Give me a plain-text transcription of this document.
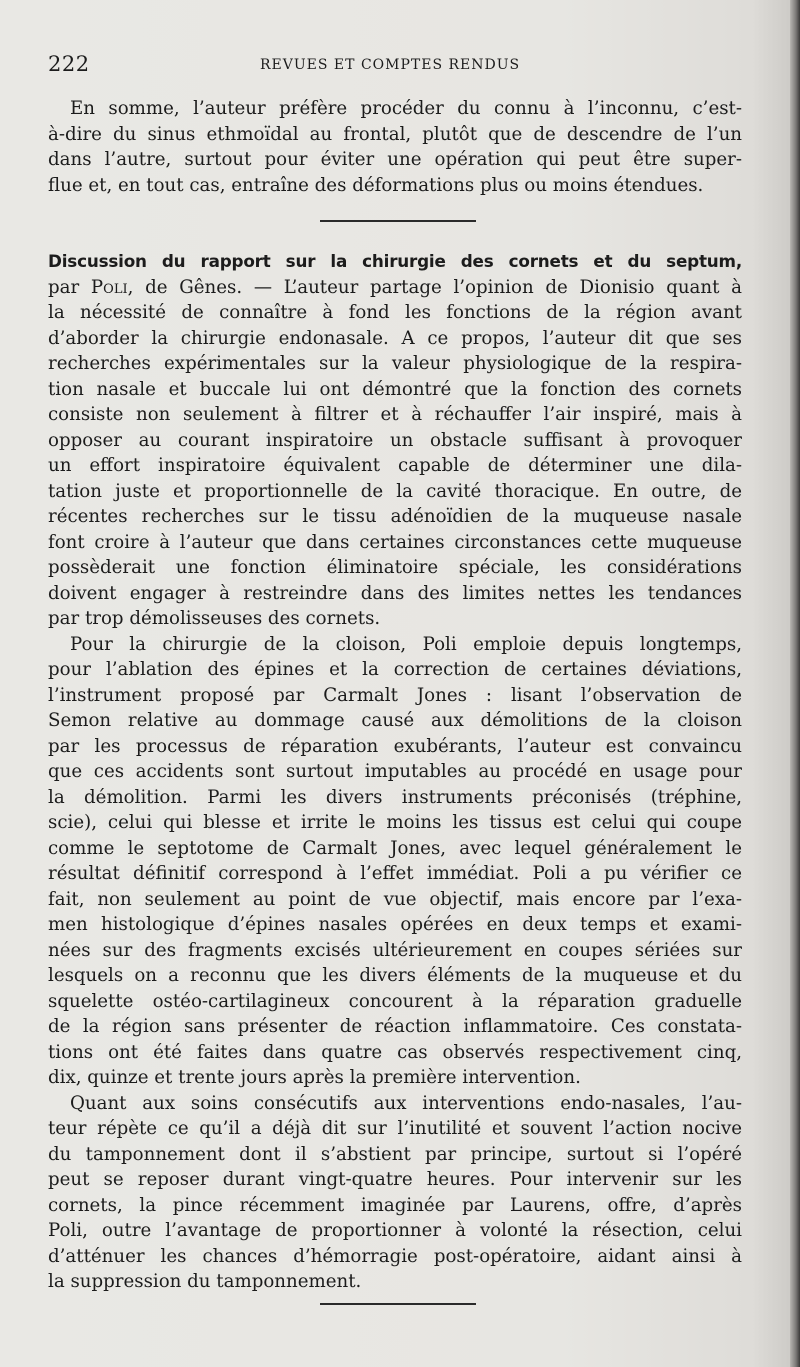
222	REVUES ET COMPTES RENDUS

En somme, l’auteur préfère procéder du connu à l’inconnu, c’est-
à-dire du sinus ethmoïdal au frontal, plutôt que de descendre de l’un
dans l’autre, surtout pour éviter une opération qui peut être super-
flue et, en tout cas, entraîne des déformations plus ou moins étendues.

Discussion du rapport sur la chirurgie des cornets et du septum,
par Poli, de Gênes. — L’auteur partage l’opinion de Dionisio quant à
la nécessité de connaître à fond les fonctions de la région avant
d’aborder la chirurgie endonasale. A ce propos, l’auteur dit que ses
recherches expérimentales sur la valeur physiologique de la respira-
tion nasale et buccale lui ont démontré que la fonction des cornets
consiste non seulement à filtrer et à réchauffer l’air inspiré, mais à
opposer au courant inspiratoire un obstacle suffisant à provoquer
un effort inspiratoire équivalent capable de déterminer une dila-
tation juste et proportionnelle de la cavité thoracique. En outre, de
récentes recherches sur le tissu adénoïdien de la muqueuse nasale
font croire à l’auteur que dans certaines circonstances cette muqueuse
possèderait une fonction éliminatoire spéciale, les considérations
doivent engager à restreindre dans des limites nettes les tendances
par trop démolisseuses des cornets.
Pour la chirurgie de la cloison, Poli emploie depuis longtemps,
pour l’ablation des épines et la correction de certaines déviations,
l’instrument proposé par Carmalt Jones : lisant l’observation de
Semon relative au dommage causé aux démolitions de la cloison
par les processus de réparation exubérants, l’auteur est convaincu
que ces accidents sont surtout imputables au procédé en usage pour
la démolition. Parmi les divers instruments préconisés (tréphine,
scie), celui qui blesse et irrite le moins les tissus est celui qui coupe
comme le septotome de Carmalt Jones, avec lequel généralement le
résultat définitif correspond à l’effet immédiat. Poli a pu vérifier ce
fait, non seulement au point de vue objectif, mais encore par l’exa-
men histologique d’épines nasales opérées en deux temps et exami-
nées sur des fragments excisés ultérieurement en coupes sériées sur
lesquels on a reconnu que les divers éléments de la muqueuse et du
squelette ostéo-cartilagineux concourent à la réparation graduelle
de la région sans présenter de réaction inflammatoire. Ces constata-
tions ont été faites dans quatre cas observés respectivement cinq,
dix, quinze et trente jours après la première intervention.
Quant aux soins consécutifs aux interventions endo-nasales, l’au-
teur répète ce qu’il a déjà dit sur l’inutilité et souvent l’action nocive
du tamponnement dont il s’abstient par principe, surtout si l’opéré
peut se reposer durant vingt-quatre heures. Pour intervenir sur les
cornets, la pince récemment imaginée par Laurens, offre, d’après
Poli, outre l’avantage de proportionner à volonté la résection, celui
d’atténuer les chances d’hémorragie post-opératoire, aidant ainsi à
la suppression du tamponnement.
